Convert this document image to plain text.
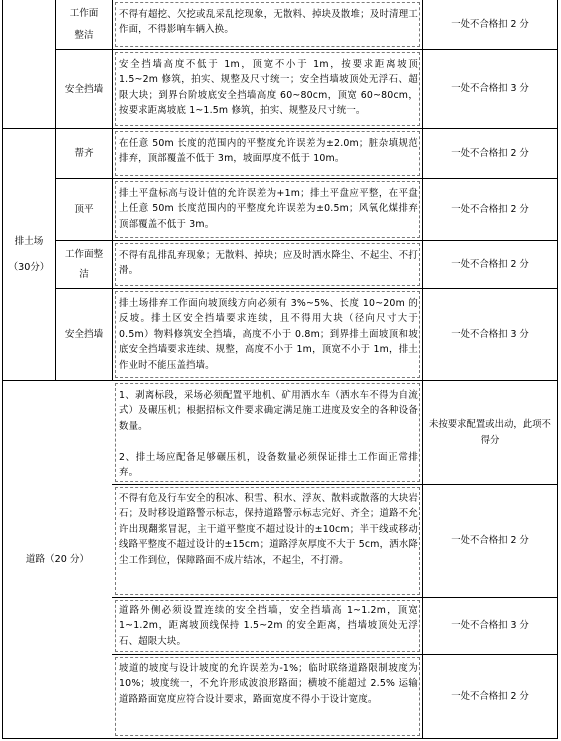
工作面
整洁
不得有超挖、欠挖或乱采乱挖现象，无散料、掉块及散堆；及时清理工作面，不得影响车辆入换。
一处不合格扣 2 分
安全挡墙
安全挡墙高度不低于 1m，顶宽不小于 1m，按要求距离坡顶 1.5~2m 修筑，拍实、规整及尺寸统一；安全挡墙坡顶处无浮石、超限大块；到界台阶坡底安全挡墙高度 60~80cm，顶宽 60~80cm，按要求距离坡底 1~1.5m 修筑，拍实、规整及尺寸统一。
一处不合格扣 3 分
排土场
（30分）
帮齐
在任意 50m 长度的范围内的平整度允许误差为±2.0m；脏杂填规范排弃，顶部覆盖不低于 3m，坡面厚度不低于 10m。
一处不合格扣 2 分
顶平
排土平盘标高与设计值的允许误差为+1m；排土平盘应平整，在平盘上任意 50m 长度范围内的平整度允许误差为±0.5m；风氧化煤排弃顶部覆盖不低于 3m。
一处不合格扣 2 分
工作面整
洁
不得有乱排乱弃现象；无散料、掉块；应及时洒水降尘、不起尘、不打滑。
一处不合格扣 2 分
安全挡墙
排土场排弃工作面向坡顶线方向必须有 3%~5%、长度 10~20m 的反坡。排土区安全挡墙要求连续，且不得用大块（径向尺寸大于 0.5m）物料修筑安全挡墙，高度不小于 0.8m；到界排土面坡顶和坡底安全挡墙要求连续、规整，高度不小于 1m，顶宽不小于 1m，排土作业时不能压盖挡墙。
一处不合格扣 3 分
道路（20 分）
1、剥离标段，采场必须配置平地机、矿用洒水车（洒水车不得为自流式）及碾压机；根据招标文件要求确定满足施工进度及安全的各种设备数量。

2、排土场应配备足够碾压机，设备数量必须保证排土工作面正常排弃。
未按要求配置或出动，此项不得分
不得有危及行车安全的积冰、积雪、积水、浮灰、散料或散落的大块岩石；及时移设道路警示标志，保持道路警示标志完好、齐全；道路不允许出现翻浆冒泥，主干道平整度不超过设计的±10cm；半干线或移动线路平整度不超过设计的±15cm；道路浮灰厚度不大于 5cm，洒水降尘工作到位，保障路面不成片结冰，不起尘，不打滑。
一处不合格扣 2 分
道路外侧必须设置连续的安全挡墙，安全挡墙高 1~1.2m，顶宽 1~1.2m，距离坡顶线保持 1.5~2m 的安全距离，挡墙坡顶处无浮石、超限大块。
一处不合格扣 3 分
坡道的坡度与设计坡度的允许误差为-1%；临时联络道路限制坡度为 10%；坡度统一，不允许形成波浪形路面；横坡不能超过 2.5% 运输道路路面宽度应符合设计要求，路面宽度不得小于设计宽度。	一处不合格扣 2 分
